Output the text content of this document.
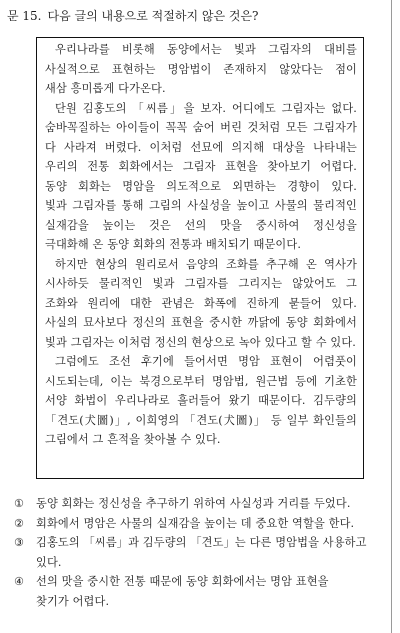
문 15. 다음 글의 내용으로 적절하지 않은 것은?
우리나라를 비롯해 동양에서는 빛과 그림자의 대비를
사실적으로 표현하는 명암법이 존재하지 않았다는 점이
새삼 흥미롭게 다가온다.
단원 김홍도의 「씨름」을 보자. 어디에도 그림자는 없다.
숨바꼭질하는 아이들이 꼭꼭 숨어 버린 것처럼 모든 그림자가
다 사라져 버렸다. 이처럼 선묘에 의지해 대상을 나타내는
우리의 전통 회화에서는 그림자 표현을 찾아보기 어렵다.
동양 회화는 명암을 의도적으로 외면하는 경향이 있다.
빛과 그림자를 통해 그림의 사실성을 높이고 사물의 물리적인
실재감을 높이는 것은 선의 맛을 중시하여 정신성을
극대화해 온 동양 회화의 전통과 배치되기 때문이다.
하지만 현상의 원리로서 음양의 조화를 추구해 온 역사가
시사하듯 물리적인 빛과 그림자를 그리지는 않았어도 그
조화와 원리에 대한 관념은 화폭에 진하게 묻들어 있다.
사실의 묘사보다 정신의 표현을 중시한 까닭에 동양 회화에서
빛과 그림자는 이처럼 정신의 현상으로 녹아 있다고 할 수 있다.
그럼에도 조선 후기에 들어서면 명암 표현이 어렴풋이
시도되는데, 이는 북경으로부터 명암법, 원근법 등에 기초한
서양 화법이 우리나라로 흘러들어 왔기 때문이다. 김두량의
「견도(犬圖)」, 이희영의 「견도(犬圖)」 등 일부 화인들의
그림에서 그 흔적을 찾아볼 수 있다.
①	동양 회화는 정신성을 추구하기 위하여 사실성과 거리를 두었다.
②	회화에서 명암은 사물의 실재감을 높이는 데 중요한 역할을 한다.
③	김홍도의 「씨름」과 김두량의 「견도」는 다른 명암법을 사용하고
있다.
④	선의 맛을 중시한 전통 때문에 동양 회화에서는 명암 표현을
찾기가 어렵다.
